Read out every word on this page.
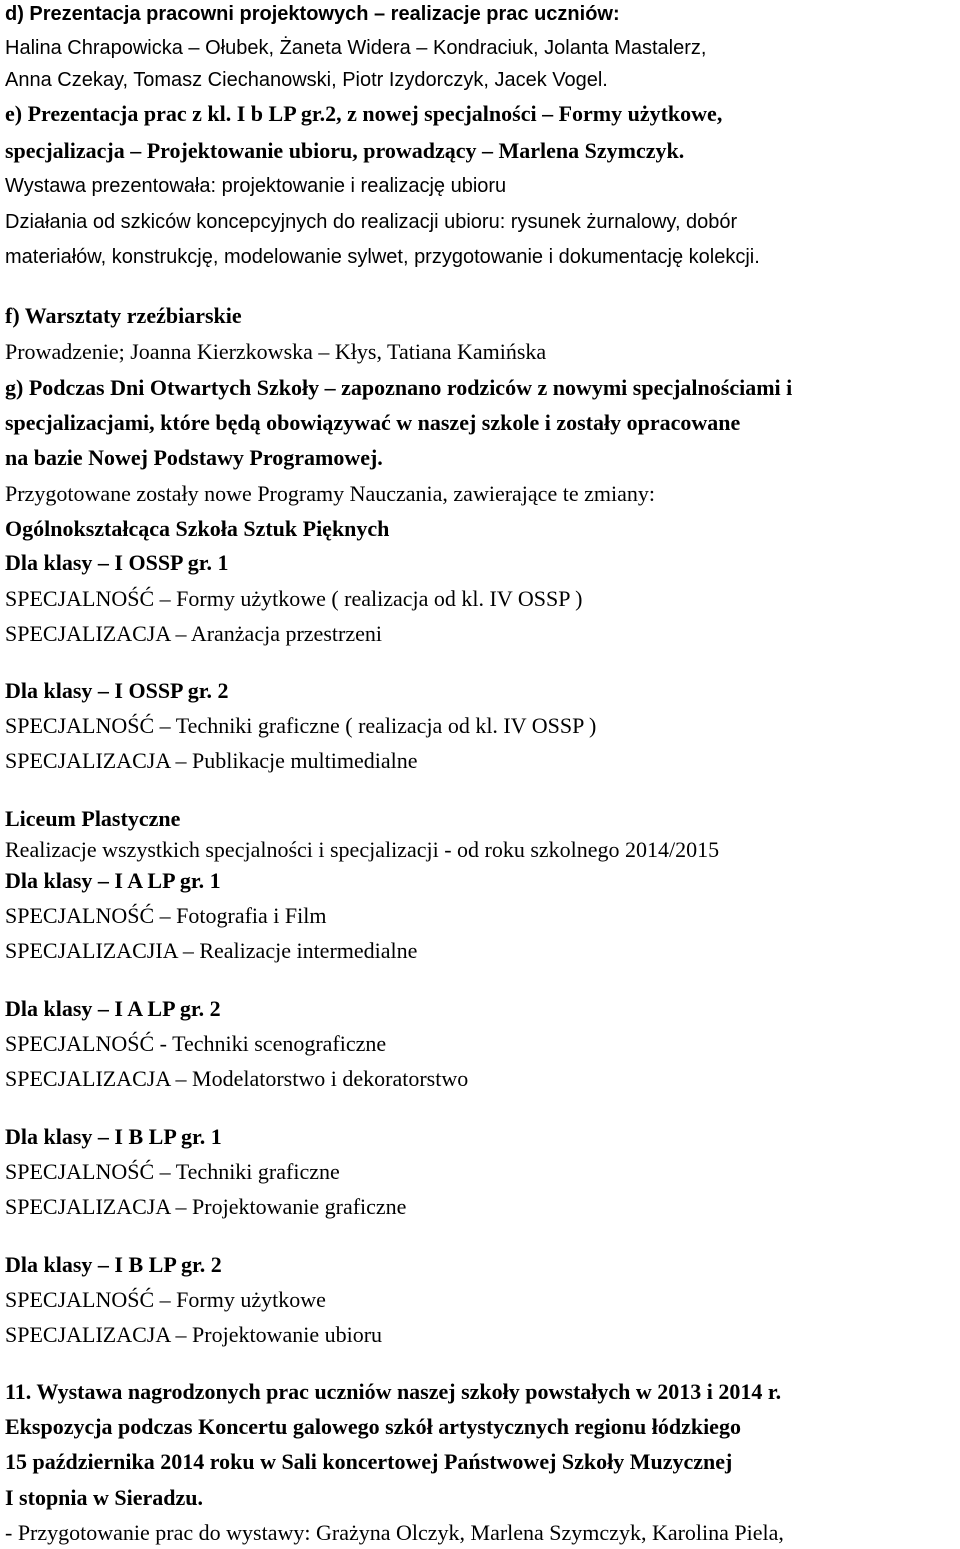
d) Prezentacja pracowni projektowych – realizacje prac uczniów:
Halina Chrapowicka – Ołubek, Żaneta Widera – Kondraciuk, Jolanta Mastalerz,
Anna Czekay, Tomasz Ciechanowski, Piotr Izydorczyk, Jacek Vogel.
e) Prezentacja prac z kl. I b LP gr.2, z nowej specjalności – Formy użytkowe,
specjalizacja – Projektowanie ubioru, prowadzący – Marlena Szymczyk.
Wystawa prezentowała: projektowanie i realizację ubioru
Działania od szkiców koncepcyjnych do realizacji ubioru: rysunek żurnalowy, dobór
materiałów, konstrukcję, modelowanie sylwet, przygotowanie i dokumentację kolekcji.
f) Warsztaty rzeźbiarskie
Prowadzenie; Joanna Kierzkowska – Kłys, Tatiana Kamińska
g) Podczas Dni Otwartych Szkoły – zapoznano rodziców z nowymi specjalnościami i
specjalizacjami, które będą obowiązywać w naszej szkole i zostały opracowane
na bazie Nowej Podstawy Programowej.
Przygotowane zostały nowe Programy Nauczania, zawierające te zmiany:
Ogólnokształcąca Szkoła Sztuk Pięknych
Dla klasy – I OSSP gr. 1
SPECJALNOŚĆ – Formy użytkowe ( realizacja od kl. IV OSSP )
SPECJALIZACJA – Aranżacja przestrzeni
Dla klasy – I OSSP gr. 2
SPECJALNOŚĆ – Techniki graficzne ( realizacja od kl. IV OSSP )
SPECJALIZACJA – Publikacje multimedialne
Liceum Plastyczne
Realizacje wszystkich specjalności i specjalizacji - od roku szkolnego 2014/2015
Dla klasy – I A LP gr. 1
SPECJALNOŚĆ – Fotografia i Film
SPECJALIZACJIA – Realizacje intermedialne
Dla klasy – I A LP gr. 2
SPECJALNOŚĆ - Techniki scenograficzne
SPECJALIZACJA – Modelatorstwo i dekoratorstwo
Dla klasy – I B LP gr. 1
SPECJALNOŚĆ – Techniki graficzne
SPECJALIZACJA – Projektowanie graficzne
Dla klasy – I B LP gr. 2
SPECJALNOŚĆ – Formy użytkowe
SPECJALIZACJA – Projektowanie ubioru
11. Wystawa nagrodzonych prac uczniów naszej szkoły powstałych w 2013 i 2014 r.
Ekspozycja podczas Koncertu galowego szkół artystycznych regionu łódzkiego
15 października 2014 roku w Sali koncertowej Państwowej Szkoły Muzycznej
I stopnia w Sieradzu.
- Przygotowanie prac do wystawy: Grażyna Olczyk, Marlena Szymczyk, Karolina Piela,
